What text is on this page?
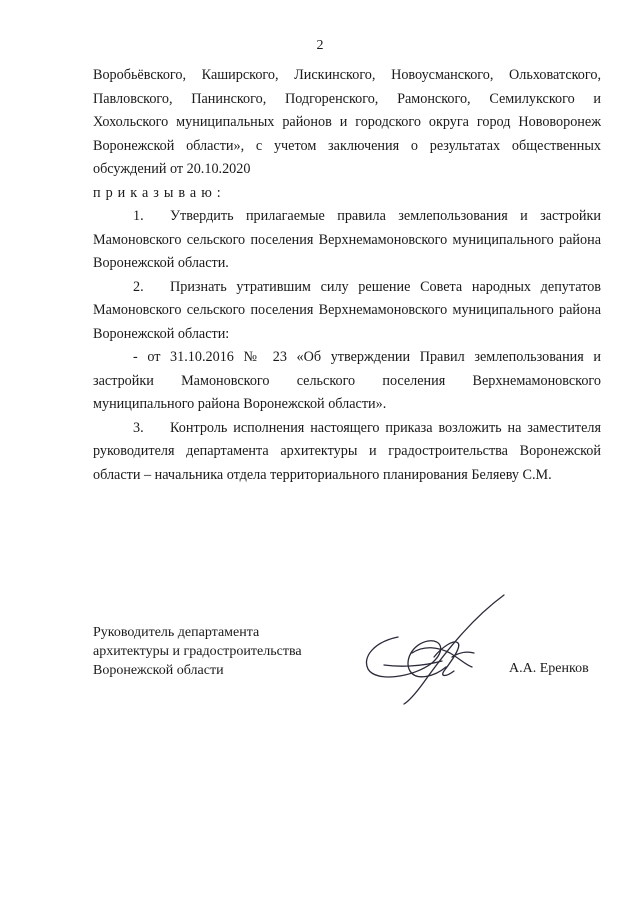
2

Воробьёвского, Каширского, Лискинского, Новоусманского, Ольховатского, Павловского, Панинского, Подгоренского, Рамонского, Семилукского и Хохольского муниципальных районов и городского округа город Нововоронеж Воронежской области», с учетом заключения о результатах общественных обсуждений от 20.10.2020

приказываю:

1. Утвердить прилагаемые правила землепользования и застройки Мамоновского сельского поселения Верхнемамоновского муниципального района Воронежской области.

2. Признать утратившим силу решение Совета народных депутатов Мамоновского сельского поселения Верхнемамоновского муниципального района Воронежской области:

- от 31.10.2016 № 23 «Об утверждении Правил землепользования и застройки Мамоновского сельского поселения Верхнемамоновского муниципального района Воронежской области».

3. Контроль исполнения настоящего приказа возложить на заместителя руководителя департамента архитектуры и градостроительства Воронежской области – начальника отдела территориального планирования Беляеву С.М.

Руководитель департамента
архитектуры и градостроительства
Воронежской области	А.А. Еренков
